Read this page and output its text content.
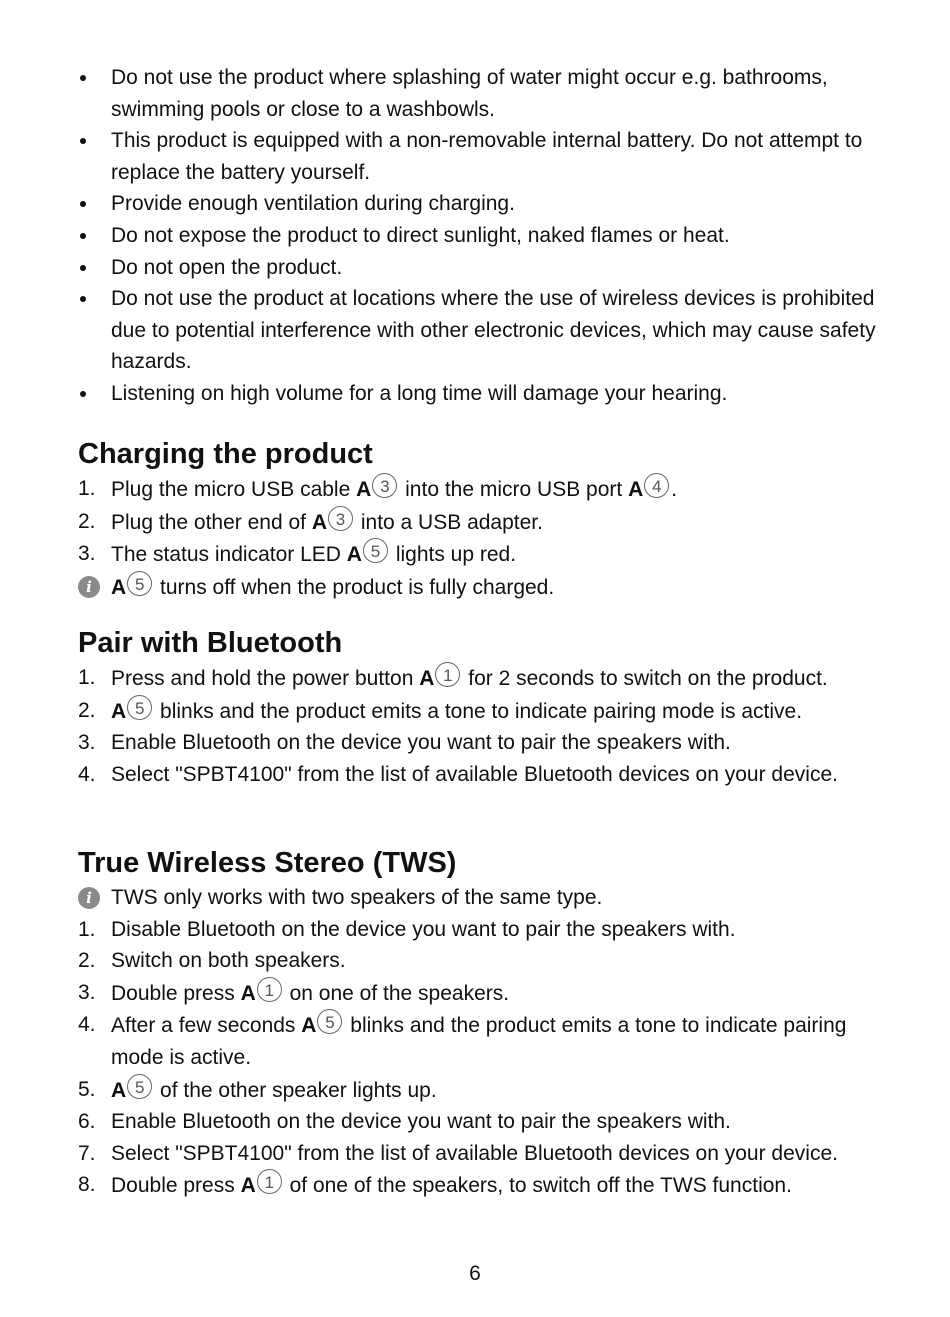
Do not use the product where splashing of water might occur e.g. bathrooms, swimming pools or close to a washbowls.
This product is equipped with a non-removable internal battery. Do not attempt to replace the battery yourself.
Provide enough ventilation during charging.
Do not expose the product to direct sunlight, naked flames or heat.
Do not open the product.
Do not use the product at locations where the use of wireless devices is prohibited due to potential interference with other electronic devices, which may cause safety hazards.
Listening on high volume for a long time will damage your hearing.
Charging the product
1. Plug the micro USB cable A 3 into the micro USB port A 4 .
2. Plug the other end of A 3 into a USB adapter.
3. The status indicator LED A 5 lights up red.
i A 5 turns off when the product is fully charged.
Pair with Bluetooth
1. Press and hold the power button A 1 for 2 seconds to switch on the product.
2. A 5 blinks and the product emits a tone to indicate pairing mode is active.
3. Enable Bluetooth on the device you want to pair the speakers with.
4. Select "SPBT4100" from the list of available Bluetooth devices on your device.
True Wireless Stereo (TWS)
i TWS only works with two speakers of the same type.
1. Disable Bluetooth on the device you want to pair the speakers with.
2. Switch on both speakers.
3. Double press A 1 on one of the speakers.
4. After a few seconds A 5 blinks and the product emits a tone to indicate pairing mode is active.
5. A 5 of the other speaker lights up.
6. Enable Bluetooth on the device you want to pair the speakers with.
7. Select "SPBT4100" from the list of available Bluetooth devices on your device.
8. Double press A 1 of one of the speakers, to switch off the TWS function.
6
